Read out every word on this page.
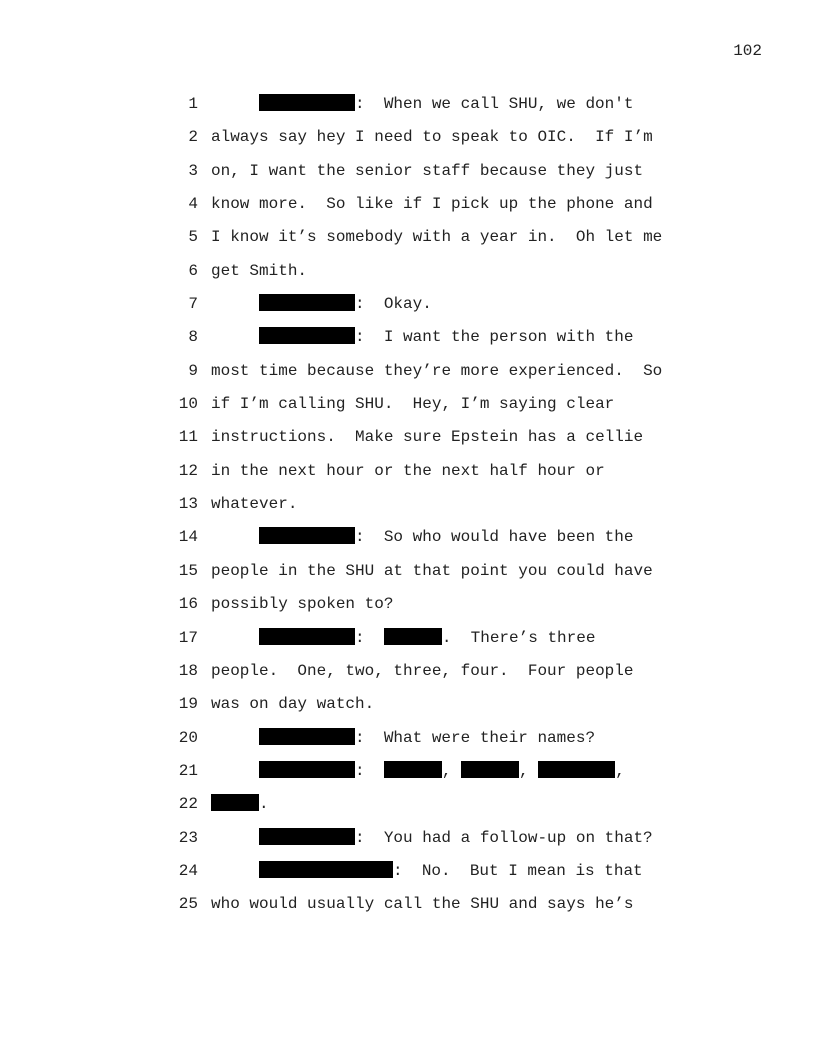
102

1

	:  When we call SHU, we don't

2

always say hey I need to speak to OIC.  If I’m

3

on, I want the senior staff because they just

4

know more.  So like if I pick up the phone and

5

I know it’s somebody with a year in.  Oh let me

6

get Smith.

7

	:  Okay.

8

	:  I want the person with the

9

most time because they’re more experienced.  So

10

if I’m calling SHU.  Hey, I’m saying clear

11

instructions.  Make sure Epstein has a cellie

12

in the next hour or the next half hour or

13

whatever.

14

	:  So who would have been the

15

people in the SHU at that point you could have

16

possibly spoken to?

17

	:	.  There’s three

18

people.  One, two, three, four.  Four people

19

was on day watch.

20

	:  What were their names?

21

	:	,	,	,

22

	.

23

	:  You had a follow-up on that?

24

	:  No.  But I mean is that

25

who would usually call the SHU and says he’s
